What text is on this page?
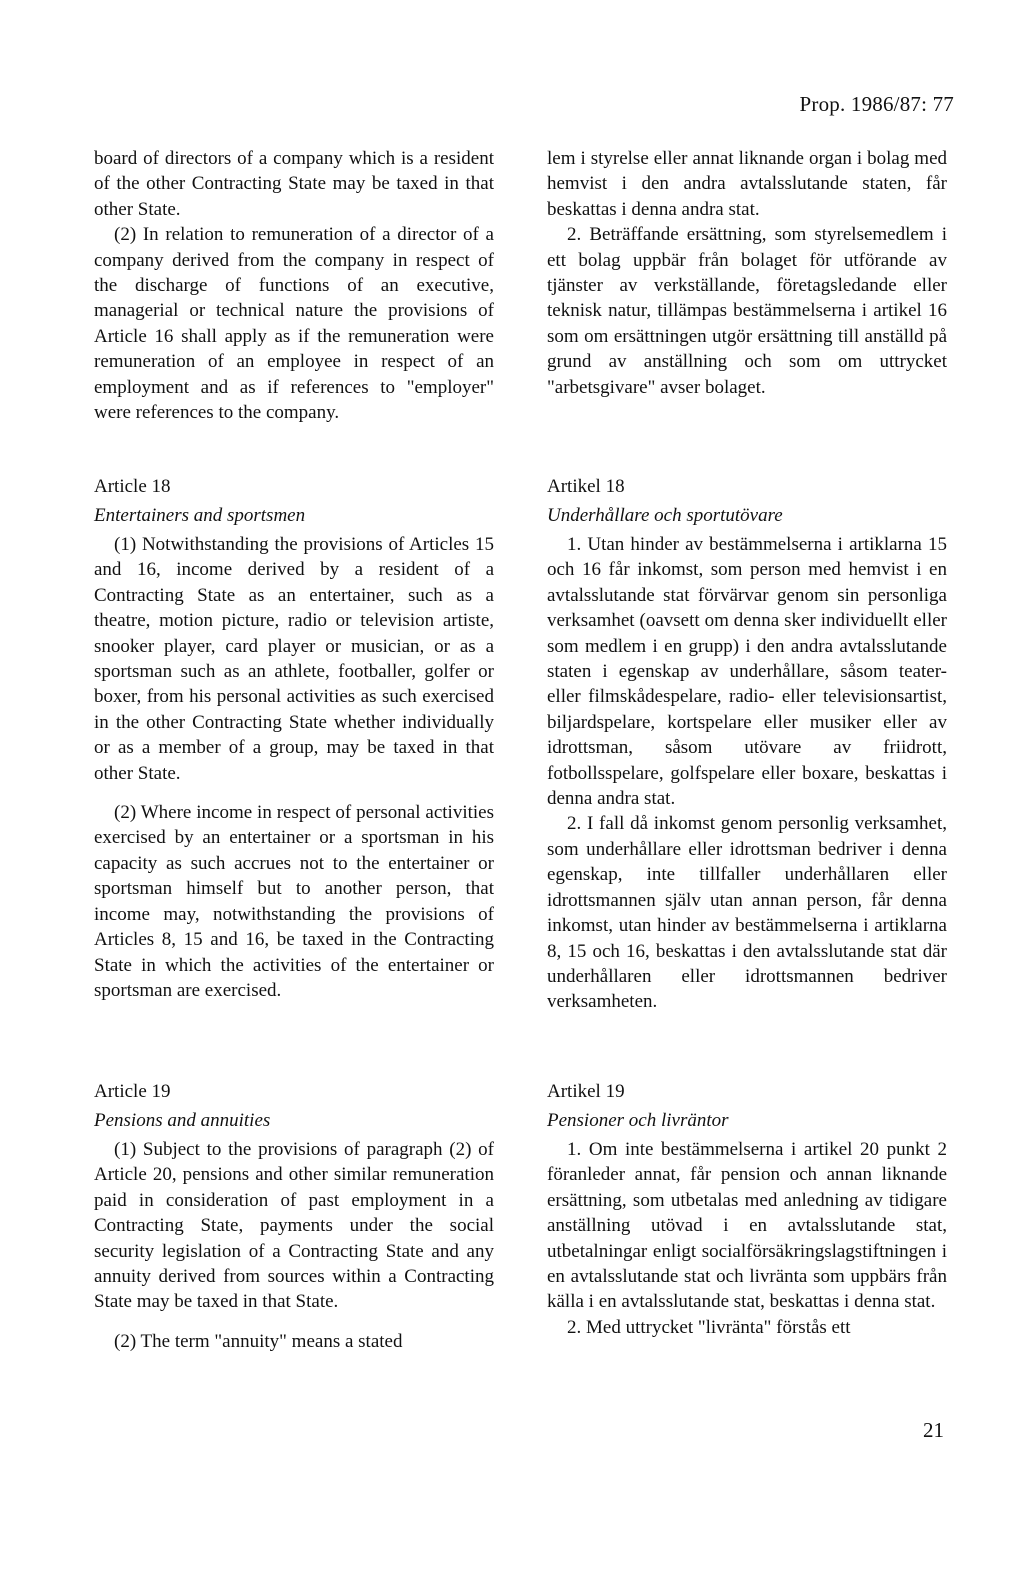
Prop. 1986/87: 77

board of directors of a company which is a resident of the other Contracting State may be taxed in that other State.

(2) In relation to remuneration of a director of a company derived from the company in respect of the discharge of functions of an executive, managerial or technical nature the provisions of Article 16 shall apply as if the remuneration were remuneration of an employee in respect of an employment and as if references to "employer" were references to the company.

lem i styrelse eller annat liknande organ i bolag med hemvist i den andra avtalsslutande staten, får beskattas i denna andra stat.

2. Beträffande ersättning, som styrelsemedlem i ett bolag uppbär från bolaget för utförande av tjänster av verkställande, företagsledande eller teknisk natur, tillämpas bestämmelserna i artikel 16 som om ersättningen utgör ersättning till anställd på grund av anställning och som om uttrycket "arbetsgivare" avser bolaget.

Article 18
Entertainers and sportsmen

(1) Notwithstanding the provisions of Articles 15 and 16, income derived by a resident of a Contracting State as an entertainer, such as a theatre, motion picture, radio or television artiste, snooker player, card player or musician, or as a sportsman such as an athlete, footballer, golfer or boxer, from his personal activities as such exercised in the other Contracting State whether individually or as a member of a group, may be taxed in that other State.

(2) Where income in respect of personal activities exercised by an entertainer or a sportsman in his capacity as such accrues not to the entertainer or sportsman himself but to another person, that income may, notwithstanding the provisions of Articles 8, 15 and 16, be taxed in the Contracting State in which the activities of the entertainer or sportsman are exercised.

Artikel 18
Underhållare och sportutövare

1. Utan hinder av bestämmelserna i artiklarna 15 och 16 får inkomst, som person med hemvist i en avtalsslutande stat förvärvar genom sin personliga verksamhet (oavsett om denna sker individuellt eller som medlem i en grupp) i den andra avtalsslutande staten i egenskap av underhållare, såsom teater- eller filmskådespelare, radio- eller televisionsartist, biljardspelare, kortspelare eller musiker eller av idrottsman, såsom utövare av friidrott, fotbollsspelare, golfspelare eller boxare, beskattas i denna andra stat.

2. I fall då inkomst genom personlig verksamhet, som underhållare eller idrottsman bedriver i denna egenskap, inte tillfaller underhållaren eller idrottsmannen själv utan annan person, får denna inkomst, utan hinder av bestämmelserna i artiklarna 8, 15 och 16, beskattas i den avtalsslutande stat där underhållaren eller idrottsmannen bedriver verksamheten.

Article 19
Pensions and annuities

(1) Subject to the provisions of paragraph (2) of Article 20, pensions and other similar remuneration paid in consideration of past employment in a Contracting State, payments under the social security legislation of a Contracting State and any annuity derived from sources within a Contracting State may be taxed in that State.

(2) The term "annuity" means a stated

Artikel 19
Pensioner och livräntor

1. Om inte bestämmelserna i artikel 20 punkt 2 föranleder annat, får pension och annan liknande ersättning, som utbetalas med anledning av tidigare anställning utövad i en avtalsslutande stat, utbetalningar enligt socialförsäkringslagstiftningen i en avtalsslutande stat och livränta som uppbärs från källa i en avtalsslutande stat, beskattas i denna stat.

2. Med uttrycket "livränta" förstås ett

21
